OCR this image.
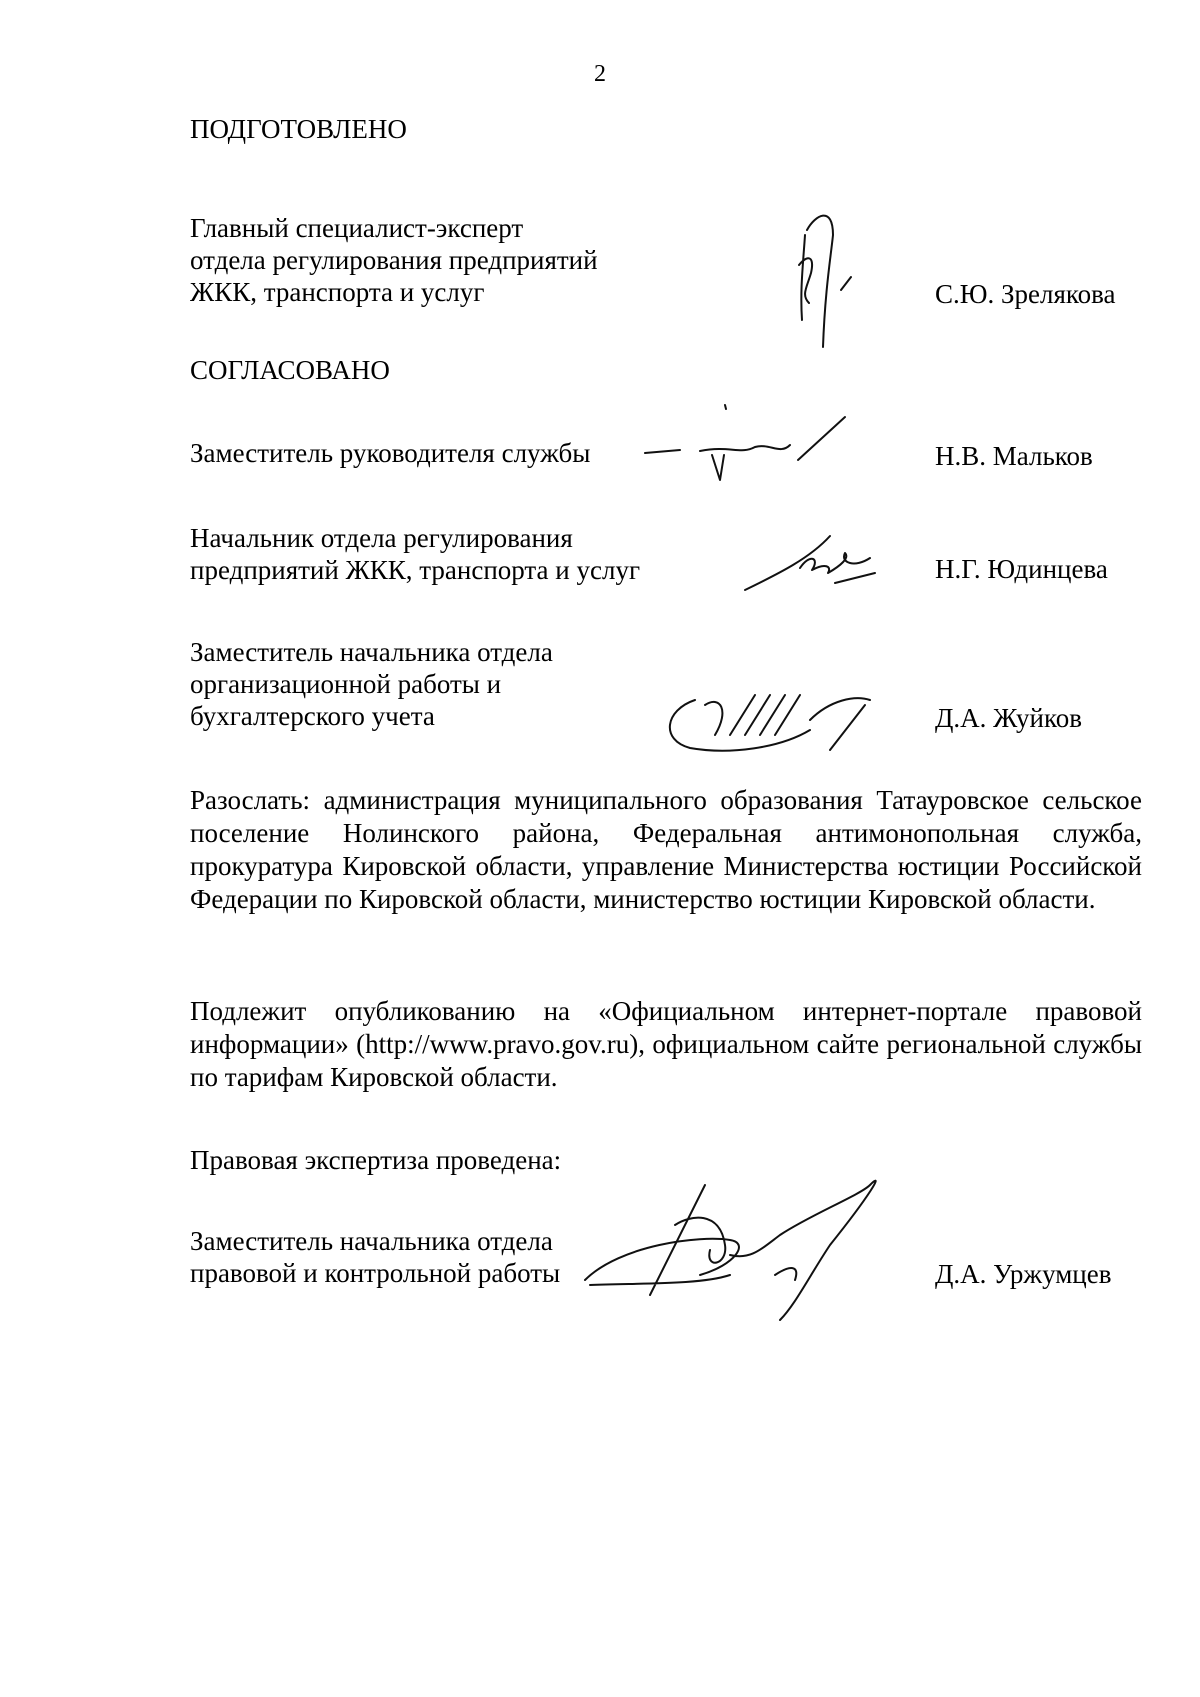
2
ПОДГОТОВЛЕНО
Главный специалист-эксперт
отдела регулирования предприятий
ЖКК, транспорта и услуг	С.Ю. Зрелякова
СОГЛАСОВАНО
Заместитель руководителя службы	Н.В. Мальков
Начальник отдела регулирования
предприятий ЖКК, транспорта и услуг	Н.Г. Юдинцева
Заместитель начальника отдела
организационной работы и
бухгалтерского учета	Д.А. Жуйков
Разослать: администрация муниципального образования Татауровское сельское поселение Нолинского района, Федеральная антимонопольная служба, прокуратура Кировской области, управление Министерства юстиции Российской Федерации по Кировской области, министерство юстиции Кировской области.
Подлежит опубликованию на «Официальном интернет-портале правовой информации» (http://www.pravo.gov.ru), официальном сайте региональной службы по тарифам Кировской области.
Правовая экспертиза проведена:
Заместитель начальника отдела
правовой и контрольной работы	Д.А. Уржумцев
